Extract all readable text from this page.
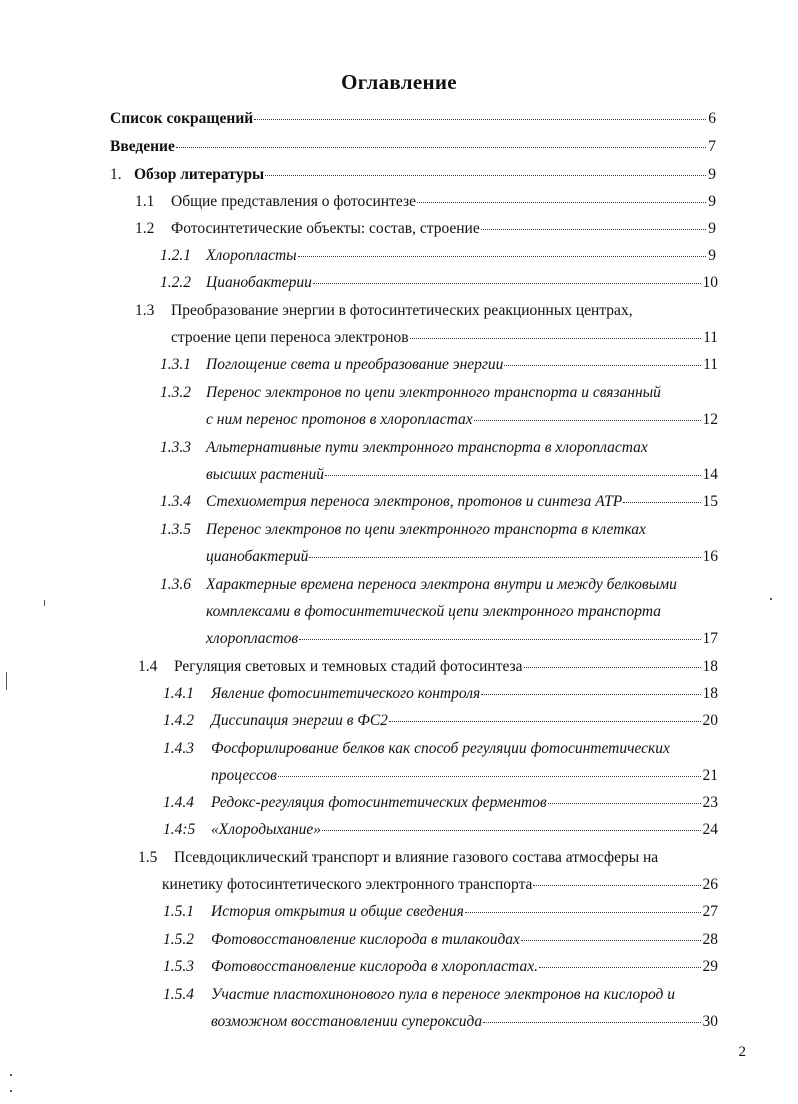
Оглавление
Список сокращений	6
Введение	7
1. Обзор литературы	9
1.1	Общие представления о фотосинтезе	9
1.2	Фотосинтетические объекты: состав, строение	9
1.2.1 Хлоропласты	9
1.2.2 Цианобактерии	10
1.3	Преобразование энергии в фотосинтетических реакционных центрах,
строение цепи переноса электронов	11
1.3.1 Поглощение света и преобразование энергии	11
1.3.2 Перенос электронов по цепи электронного транспорта и связанный
с ним перенос протонов в хлоропластах	12
1.3.3 Альтернативные пути электронного транспорта в хлоропластах
высших растений	14
1.3.4 Стехиометрия переноса электронов, протонов и синтеза АТР	15
1.3.5 Перенос электронов по цепи электронного транспорта в клетках
цианобактерий	16
1.3.6 Характерные времена переноса электрона внутри и между белковыми
комплексами в фотосинтетической цепи электронного транспорта
хлоропластов	17
1.4	Регуляция световых и темновых стадий фотосинтеза	18
1.4.1	Явление фотосинтетического контроля	18
1.4.2	Диссипация энергии в ФС2	20
1.4.3	Фосфорилирование белков как способ регуляции фотосинтетических
процессов	21
1.4.4	Редокс-регуляция фотосинтетических ферментов	23
1.4:5	«Хлородыхание»	24
1.5	Псевдоциклический транспорт и влияние газового состава атмосферы на
кинетику фотосинтетического электронного транспорта	26
1.5.1	История открытия и общие сведения	27
1.5.2	Фотовосстановление кислорода в тилакоидах	28
1.5.3	Фотовосстановление кислорода в хлоропластах.	29
1.5.4	Участие пластохинонового пула в переносе электронов на кислород и
возможном восстановлении супероксида	30
2
